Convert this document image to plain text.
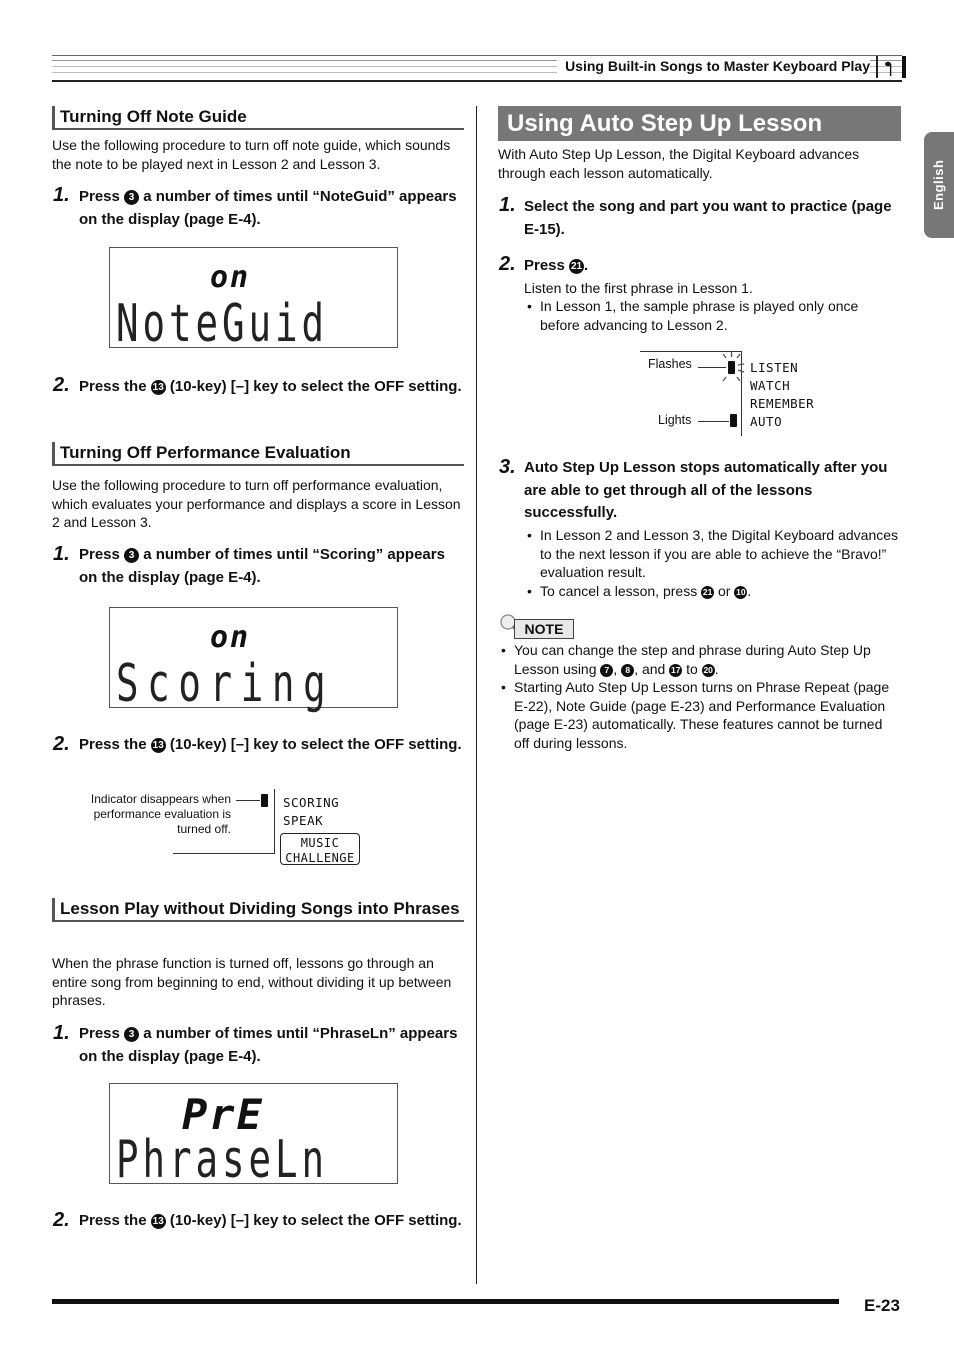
Using Built-in Songs to Master Keyboard Play
English
Turning Off Note Guide
Use the following procedure to turn off note guide, which sounds the note to be played next in Lesson 2 and Lesson 3.
1. Press 3 a number of times until “NoteGuid” appears on the display (page E-4).
on
NoteGuid
2. Press the 13 (10-key) [–] key to select the OFF setting.
Turning Off Performance Evaluation
Use the following procedure to turn off performance evaluation, which evaluates your performance and displays a score in Lesson 2 and Lesson 3.
1. Press 3 a number of times until “Scoring” appears on the display (page E-4).
on
Scoring
2. Press the 13 (10-key) [–] key to select the OFF setting.
Indicator disappears when performance evaluation is turned off.
SCORING
SPEAK
MUSIC CHALLENGE
Lesson Play without Dividing Songs into Phrases
When the phrase function is turned off, lessons go through an entire song from beginning to end, without dividing it up between phrases.
1. Press 3 a number of times until “PhraseLn” appears on the display (page E-4).
PrE
PhraseLn
2. Press the 13 (10-key) [–] key to select the OFF setting.
Using Auto Step Up Lesson
With Auto Step Up Lesson, the Digital Keyboard advances through each lesson automatically.
1. Select the song and part you want to practice (page E-15).
2. Press 21 .
Listen to the first phrase in Lesson 1.
• In Lesson 1, the sample phrase is played only once before advancing to Lesson 2.
Flashes
Lights
LISTEN
WATCH
REMEMBER
AUTO
3. Auto Step Up Lesson stops automatically after you are able to get through all of the lessons successfully.
• In Lesson 2 and Lesson 3, the Digital Keyboard advances to the next lesson if you are able to achieve the “Bravo!” evaluation result.
• To cancel a lesson, press 21 or 10 .
NOTE
• You can change the step and phrase during Auto Step Up Lesson using 7 , 8 , and 17 to 20 .
• Starting Auto Step Up Lesson turns on Phrase Repeat (page E-22), Note Guide (page E-23) and Performance Evaluation (page E-23) automatically. These features cannot be turned off during lessons.
E-23
